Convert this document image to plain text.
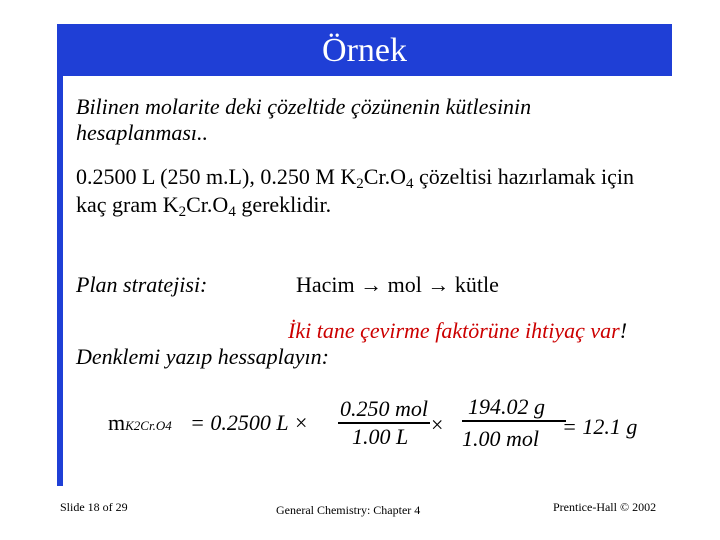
Örnek
Bilinen molarite deki çözeltide çözünenin kütlesinin
hesaplanması..
0.2500 L (250 m.L), 0.250 M $K_2Cr.O_4$ çözeltisi hazırlamak için
kaç gram $K_2Cr.O_4$ gereklidir.
Plan stratejisi:	Hacim → mol → kütle
İki tane çevirme faktörüne ihtiyaç var!
Denklemi yazıp hessaplayın:
mK2Cr.O4 = 0.2500 L ×
0.250 mol
1.00 L ×
194.02 g
1.00 mol = 12.1 g
Slide 18 of 29	General Chemistry: Chapter 4	Prentice-Hall © 2002
